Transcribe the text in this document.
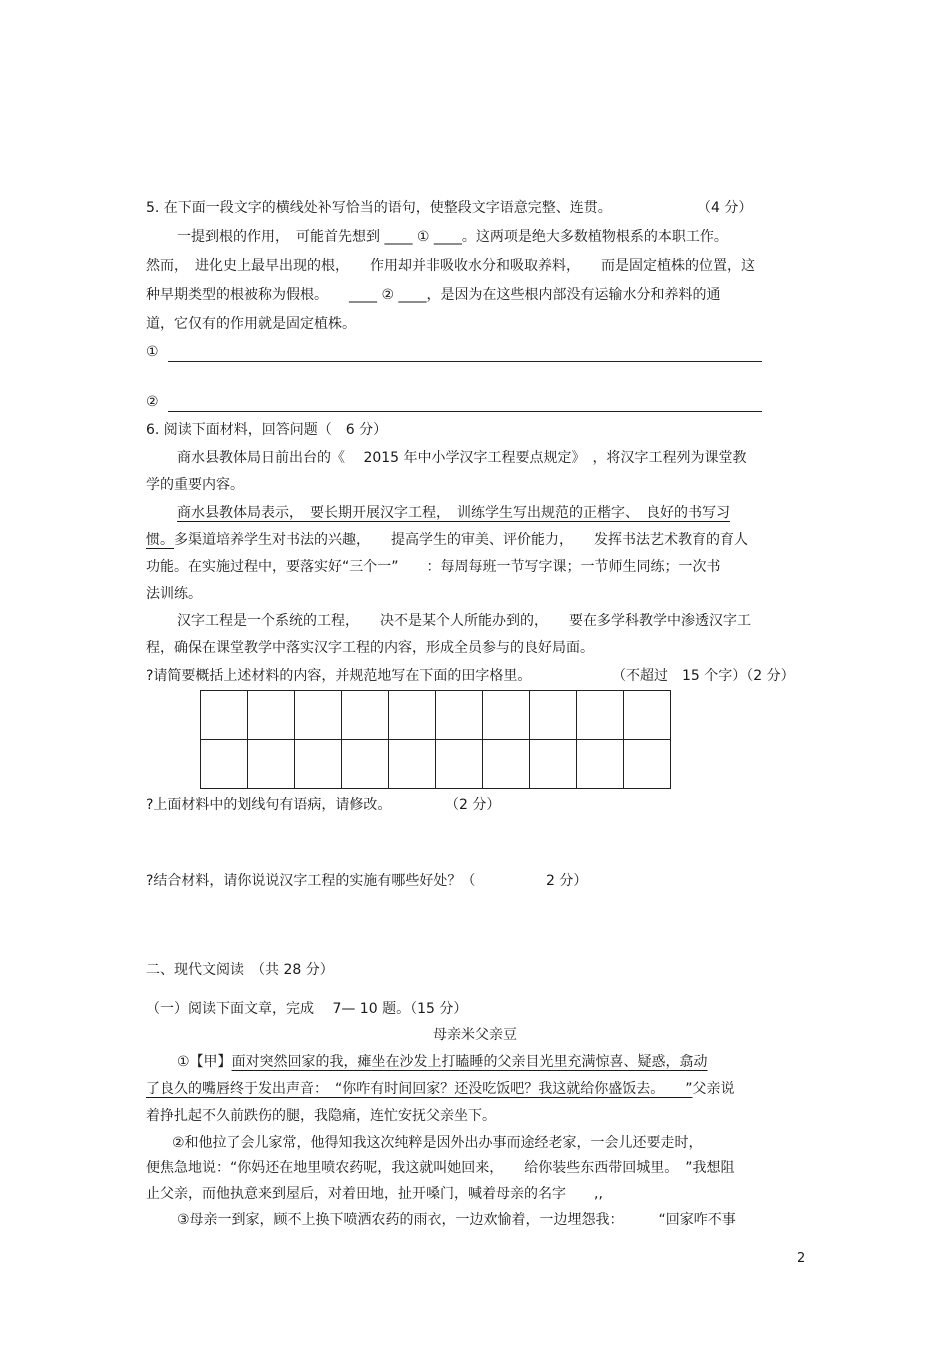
5. 在下面一段文字的横线处补写恰当的语句，使整段文字语意完整、连贯。	（4 分）
一提到根的作用，　可能首先想到 ____ ① ____。这两项是绝大多数植物根系的本职工作。
然而，　进化史上最早出现的根，　　作用却并非吸收水分和吸取养料，　　而是固定植株的位置，这
种早期类型的根被称为假根。　　____ ② ____，是因为在这些根内部没有运输水分和养料的通
道，它仅有的作用就是固定植株。
①
②
6. 阅读下面材料，回答问题（　6 分）
商水县教体局日前出台的《　 2015 年中小学汉字工程要点规定》　，将汉字工程列为课堂教
学的重要内容。
商水县教体局表示，　要长期开展汉字工程，　训练学生写出规范的正楷字、　良好的书写习
惯。多渠道培养学生对书法的兴趣，　　提高学生的审美、评价能力，　　发挥书法艺术教育的育人
功能。在实施过程中，要落实好“三个一”　　：每周每班一节写字课；一节师生同练；一次书
法训练。
汉字工程是一个系统的工程，　　决不是某个人所能办到的，　　要在多学科教学中渗透汉字工
程，确保在课堂教学中落实汉字工程的内容，形成全员参与的良好局面。
?请简要概括上述材料的内容，并规范地写在下面的田字格里。	（不超过　15 个字）（2 分）

?上面材料中的划线句有语病，请修改。	（2 分）
?结合材料，请你说说汉字工程的实施有哪些好处？（	2 分）
二、现代文阅读　（共 28 分）
（一）阅读下面文章，完成　 7— 10 题。（15 分）
母亲米父亲豆
①【甲】面对突然回家的我，瘫坐在沙发上打瞌睡的父亲目光里充满惊喜、疑惑，翕动
了良久的嘴唇终于发出声音：　“你咋有时间回家？还没吃饭吧？我这就给你盛饭去。　　”父亲说
着挣扎起不久前跌伤的腿，我隐痛，连忙安抚父亲坐下。
②和他拉了会儿家常，他得知我这次纯粹是因外出办事而途经老家，一会儿还要走时，
便焦急地说：“你妈还在地里喷农药呢，我这就叫她回来，　　给你装些东西带回城里。　”我想阻
止父亲，而他执意来到屋后，对着田地，扯开嗓门，喊着母亲的名字　　,,
③母亲一到家，顾不上换下喷洒农药的雨衣，一边欢愉着，一边埋怨我：　　　“回家咋不事
2
